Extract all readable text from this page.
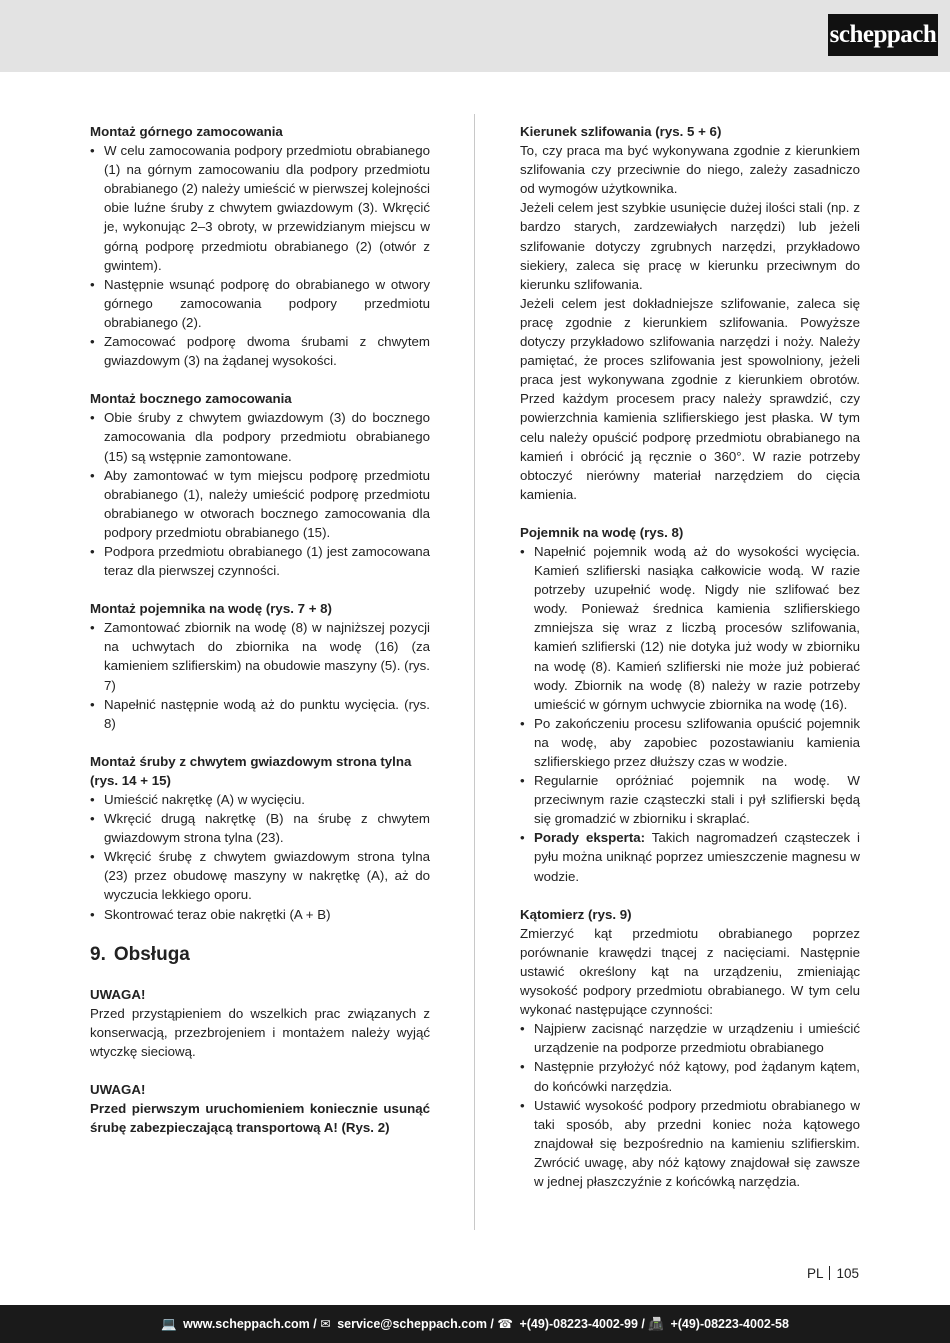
scheppach
Montaż górnego zamocowania
• W celu zamocowania podpory przedmiotu obrabianego (1) na górnym zamocowaniu dla podpory przedmiotu obrabianego (2) należy umieścić w pierwszej kolejności obie luźne śruby z chwytem gwiazdowym (3). Wkręcić je, wykonując 2–3 obroty, w przewidzianym miejscu w górną podporę przedmiotu obrabianego (2) (otwór z gwintem).
• Następnie wsunąć podporę do obrabianego w otwory górnego zamocowania podpory przedmiotu obrabianego (2).
• Zamocować podporę dwoma śrubami z chwytem gwiazdowym (3) na żądanej wysokości.
Montaż bocznego zamocowania
• Obie śruby z chwytem gwiazdowym (3) do bocznego zamocowania dla podpory przedmiotu obrabianego (15) są wstępnie zamontowane.
• Aby zamontować w tym miejscu podporę przedmiotu obrabianego (1), należy umieścić podporę przedmiotu obrabianego w otworach bocznego zamocowania dla podpory przedmiotu obrabianego (15).
• Podpora przedmiotu obrabianego (1) jest zamocowana teraz dla pierwszej czynności.
Montaż pojemnika na wodę (rys. 7 + 8)
• Zamontować zbiornik na wodę (8) w najniższej pozycji na uchwytach do zbiornika na wodę (16) (za kamieniem szlifierskim) na obudowie maszyny (5). (rys. 7)
• Napełnić następnie wodą aż do punktu wycięcia. (rys. 8)
Montaż śruby z chwytem gwiazdowym strona tylna (rys. 14 + 15)
• Umieścić nakrętkę (A) w wycięciu.
• Wkręcić drugą nakrętkę (B) na śrubę z chwytem gwiazdowym strona tylna (23).
• Wkręcić śrubę z chwytem gwiazdowym strona tylna (23) przez obudowę maszyny w nakrętkę (A), aż do wyczucia lekkiego oporu.
• Skontrować teraz obie nakrętki (A + B)
9. Obsługa
UWAGA!
Przed przystąpieniem do wszelkich prac związanych z konserwacją, przezbrojeniem i montażem należy wyjąć wtyczkę sieciową.
UWAGA!
Przed pierwszym uruchomieniem koniecznie usunąć śrubę zabezpieczającą transportową A! (Rys. 2)
Kierunek szlifowania (rys. 5 + 6)
To, czy praca ma być wykonywana zgodnie z kierunkiem szlifowania czy przeciwnie do niego, zależy zasadniczo od wymogów użytkownika.
Jeżeli celem jest szybkie usunięcie dużej ilości stali (np. z bardzo starych, zardzewiałych narzędzi) lub jeżeli szlifowanie dotyczy zgrubnych narzędzi, przykładowo siekiery, zaleca się pracę w kierunku przeciwnym do kierunku szlifowania.
Jeżeli celem jest dokładniejsze szlifowanie, zaleca się pracę zgodnie z kierunkiem szlifowania. Powyższe dotyczy przykładowo szlifowania narzędzi i noży. Należy pamiętać, że proces szlifowania jest spowolniony, jeżeli praca jest wykonywana zgodnie z kierunkiem obrotów. Przed każdym procesem pracy należy sprawdzić, czy powierzchnia kamienia szlifierskiego jest płaska. W tym celu należy opuścić podporę przedmiotu obrabianego na kamień i obrócić ją ręcznie o 360°. W razie potrzeby obtoczyć nierówny materiał narzędziem do cięcia kamienia.
Pojemnik na wodę (rys. 8)
• Napełnić pojemnik wodą aż do wysokości wycięcia. Kamień szlifierski nasiąka całkowicie wodą. W razie potrzeby uzupełnić wodę. Nigdy nie szlifować bez wody. Ponieważ średnica kamienia szlifierskiego zmniejsza się wraz z liczbą procesów szlifowania, kamień szlifierski (12) nie dotyka już wody w zbiorniku na wodę (8). Kamień szlifierski nie może już pobierać wody. Zbiornik na wodę (8) należy w razie potrzeby umieścić w górnym uchwycie zbiornika na wodę (16).
• Po zakończeniu procesu szlifowania opuścić pojemnik na wodę, aby zapobiec pozostawianiu kamienia szlifierskiego przez dłuższy czas w wodzie.
• Regularnie opróżniać pojemnik na wodę. W przeciwnym razie cząsteczki stali i pył szlifierski będą się gromadzić w zbiorniku i skraplać.
• Porady eksperta: Takich nagromadzeń cząsteczek i pyłu można uniknąć poprzez umieszczenie magnesu w wodzie.
Kątomierz (rys. 9)
Zmierzyć kąt przedmiotu obrabianego poprzez porównanie krawędzi tnącej z nacięciami. Następnie ustawić określony kąt na urządzeniu, zmieniając wysokość podpory przedmiotu obrabianego. W tym celu wykonać następujące czynności:
• Najpierw zacisnąć narzędzie w urządzeniu i umieścić urządzenie na podporze przedmiotu obrabianego
• Następnie przyłożyć nóż kątowy, pod żądanym kątem, do końcówki narzędzia.
• Ustawić wysokość podpory przedmiotu obrabianego w taki sposób, aby przedni koniec noża kątowego znajdował się bezpośrednio na kamieniu szlifierskim. Zwrócić uwagę, aby nóż kątowy znajdował się zawsze w jednej płaszczyźnie z końcówką narzędzia.
PL 105
💻 www.scheppach.com / ✉ service@scheppach.com / ☎ +(49)-08223-4002-99 / 📠 +(49)-08223-4002-58
